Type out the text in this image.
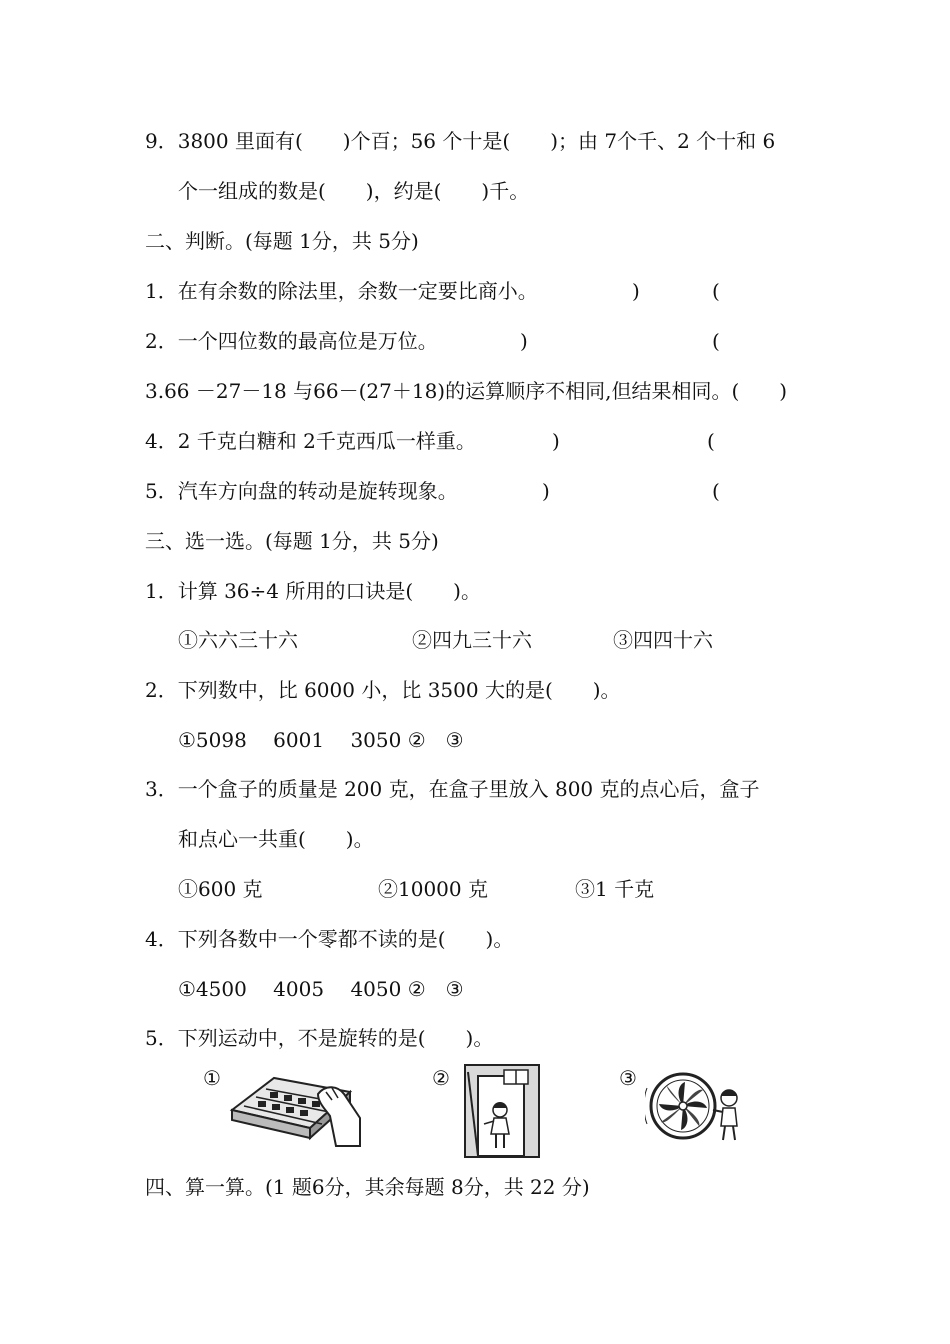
9．3800 里面有(　　)个百；56 个十是(　　)；由 7个千、2 个十和 6
个一组成的数是(　　)，约是(　　)千。
二、判断。(每题 1分，共 5分)
1．在有余数的除法里，余数一定要比商小。	)	(
2．一个四位数的最高位是万位。	)	(
3.66 －27－18 与66－(27＋18)的运算顺序不相同,但结果相同。(　　)
4．2 千克白糖和 2千克西瓜一样重。	)	(
5．汽车方向盘的转动是旋转现象。	)	(
三、选一选。(每题 1分，共 5分)
1．计算 36÷4 所用的口诀是(　　)。
①六六三十六	②四九三十六	③四四十六
2．下列数中，比 6000 小，比 3500 大的是(　　)。
①5098　 6001　 3050 ②　③
3．一个盒子的质量是 200 克，在盒子里放入 800 克的点心后，盒子
和点心一共重(　　)。
①600 克	②10000 克	③1 千克
4．下列各数中一个零都不读的是(　　)。
①4500　 4005　 4050 ②　③
5．下列运动中，不是旋转的是(　　)。
①	②	③
四、算一算。(1 题6分，其余每题 8分，共 22 分)
